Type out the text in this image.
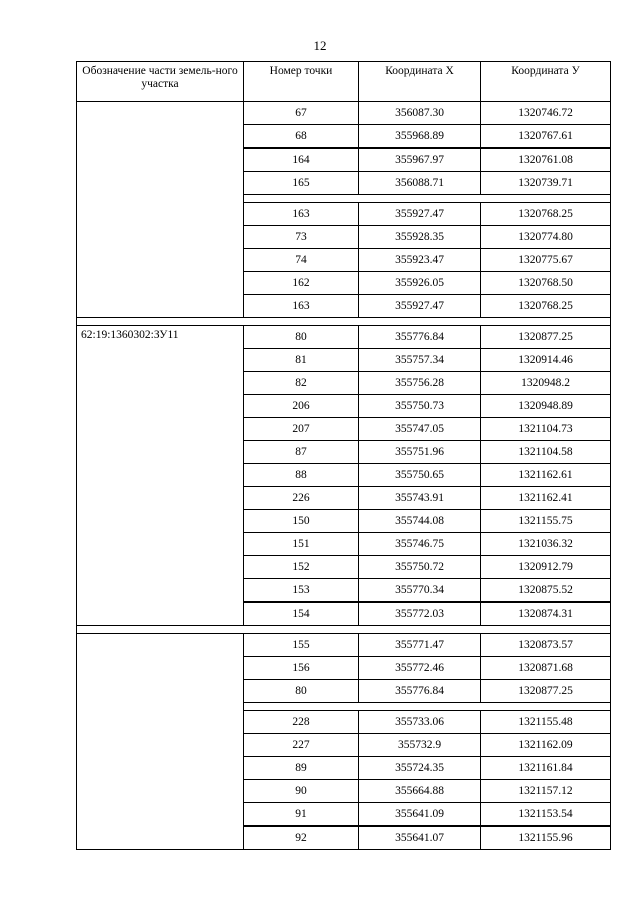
12
Обозначение части земель-ного участка	Номер точки	Координата X	Координата У
	67	356087.30	1320746.72
	68	355968.89	1320767.61
	164	355967.97	1320761.08
	165	356088.71	1320739.71

	163	355927.47	1320768.25
	73	355928.35	1320774.80
	74	355923.47	1320775.67
	162	355926.05	1320768.50
	163	355927.47	1320768.25

62:19:1360302:ЗУ11	80	355776.84	1320877.25
	81	355757.34	1320914.46
	82	355756.28	1320948.2
	206	355750.73	1320948.89
	207	355747.05	1321104.73
	87	355751.96	1321104.58
	88	355750.65	1321162.61
	226	355743.91	1321162.41
	150	355744.08	1321155.75
	151	355746.75	1321036.32
	152	355750.72	1320912.79
	153	355770.34	1320875.52
	154	355772.03	1320874.31

	155	355771.47	1320873.57
	156	355772.46	1320871.68
	80	355776.84	1320877.25

	228	355733.06	1321155.48
	227	355732.9	1321162.09
	89	355724.35	1321161.84
	90	355664.88	1321157.12
	91	355641.09	1321153.54
	92	355641.07	1321155.96
